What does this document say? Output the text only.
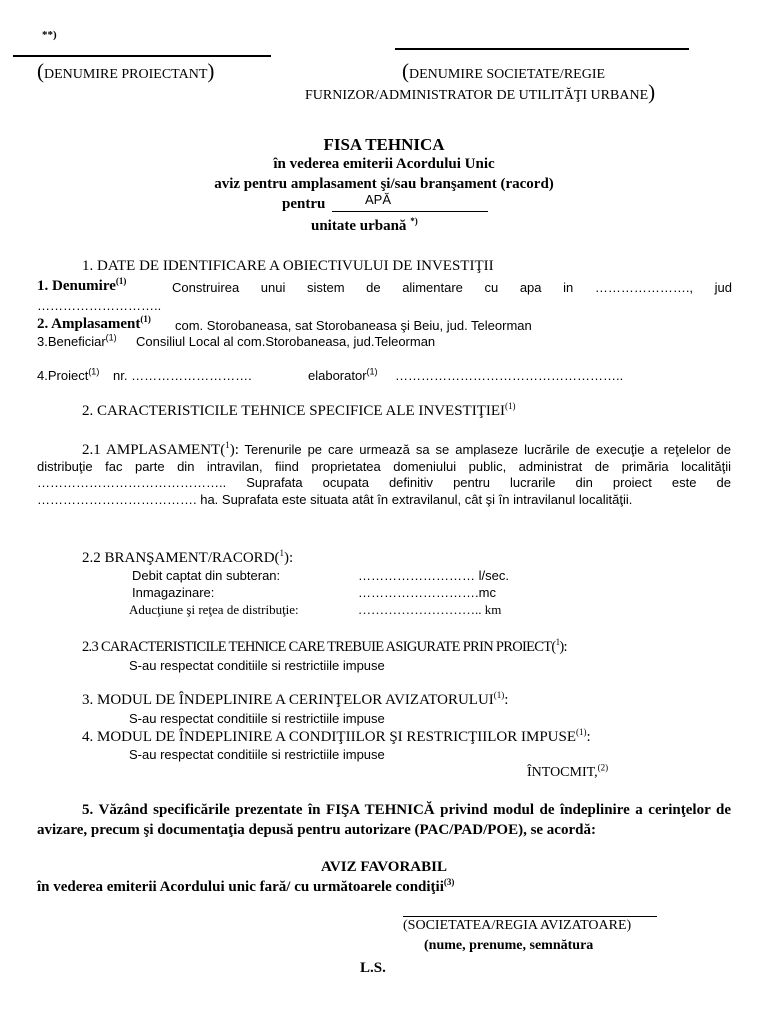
**)
(DENUMIRE PROIECTANT)	(DENUMIRE SOCIETATE/REGIE
FURNIZOR/ADMINISTRATOR DE UTILITĂŢI URBANE)
FISA TEHNICA
în vederea emiterii Acordului Unic
aviz pentru amplasament şi/sau branşament (racord)
pentru	APĂ
unitate urbană *)
1. DATE DE IDENTIFICARE A OBIECTIVULUI DE INVESTIŢII
1. Denumire$^{(1)}$	Construirea unui sistem de alimentare cu apa in …………………., jud
………………………..
2. Amplasament$^{(1)}$ com. Storobaneasa, sat Storobaneasa şi Beiu, jud. Teleorman
3.Beneficiar$^{(1)}$ Consiliul Local al com.Storobaneasa, jud.Teleorman
4.Proiect$^{(1)}$ nr. ……………………….	elaborator$^{(1)}$ ……………………………………………..
2. CARACTERISTICILE TEHNICE SPECIFICE ALE INVESTIŢIEI$^{(1)}$
2.1 AMPLASAMENT($^1$): Terenurile pe care urmează sa se amplaseze lucrările de execuţie a reţelelor de distribuţie fac parte din intravilan, fiind proprietatea domeniului public, administrat de primăria localităţii …………………………………….. Suprafata ocupata definitiv pentru lucrarile din proiect este de ………………………………. ha. Suprafata este situata atât în extravilanul, cât şi în intravilanul localităţii.
2.2 BRANŞAMENT/RACORD($^1$):
Debit captat din subteran:	……………………… l/sec.
Inmagazinare:	……………………….mc
Aducţiune şi reţea de distribuţie:	……………………….. km
2.3 CARACTERISTICILE TEHNICE CARE TREBUIE ASIGURATE PRIN PROIECT($^1$):
S-au respectat conditiile si restrictiile impuse
3. MODUL DE ÎNDEPLINIRE A CERINŢELOR AVIZATORULUI$^{(1)}$:
S-au respectat conditiile si restrictiile impuse
4. MODUL DE ÎNDEPLINIRE A CONDIŢIILOR ŞI RESTRICŢIILOR IMPUSE$^{(1)}$:
S-au respectat conditiile si restrictiile impuse
ÎNTOCMIT,$^{(2)}$
5. Văzând specificările prezentate în FIŞA TEHNICĂ privind modul de îndeplinire a cerinţelor de avizare, precum şi documentaţia depusă pentru autorizare (PAC/PAD/POE), se acordă:
AVIZ FAVORABIL
în vederea emiterii Acordului unic fară/ cu următoarele condiţii$^{(3)}$
(SOCIETATEA/REGIA AVIZATOARE)
(nume, prenume, semnătura
L.S.
